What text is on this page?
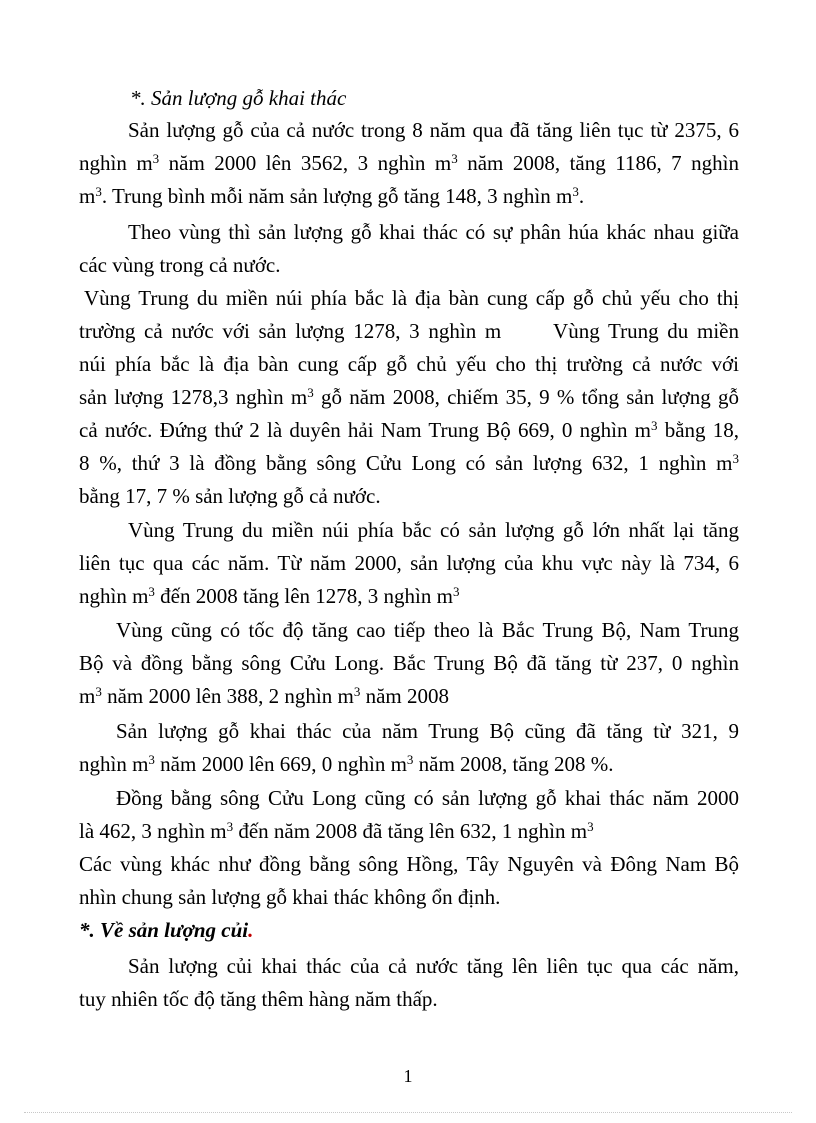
*. Sản lượng gỗ khai thác
Sản lượng gỗ của cả nước trong 8 năm qua đã tăng liên tục từ 2375, 6
nghìn $m^3$ năm 2000 lên 3562, 3 nghìn $m^3$ năm 2008, tăng 1186, 7 nghìn
$m^3$. Trung bình mỗi năm sản lượng gỗ tăng 148, 3 nghìn $m^3$.
Theo vùng thì sản lượng gỗ khai thác có sự phân húa khác nhau giữa
các vùng trong cả nước.
Vùng Trung du miền núi phía bắc là địa bàn cung cấp gỗ chủ yếu cho thị
trường cả nước với sản lượng 1278, 3 nghìn m      Vùng Trung du miền
núi phía bắc là địa bàn cung cấp gỗ chủ yếu cho thị trường cả nước với
sản lượng 1278,3 nghìn $m^3$ gỗ năm 2008, chiếm 35, 9 % tổng sản lượng gỗ
cả nước. Đứng thứ 2 là duyên hải Nam Trung Bộ 669, 0 nghìn $m^3$ bằng 18,
8 %, thứ 3 là đồng bằng sông Cửu Long có sản lượng 632, 1 nghìn $m^3$
bằng 17, 7 % sản lượng gỗ cả nước.
Vùng Trung du miền núi phía bắc có sản lượng gỗ lớn nhất lại tăng
liên tục qua các năm. Từ năm 2000, sản lượng của khu vực này là 734, 6
nghìn $m^3$ đến 2008 tăng lên 1278, 3 nghìn $m^3$
Vùng cũng có tốc độ tăng cao tiếp theo là Bắc Trung Bộ, Nam Trung
Bộ và đồng bằng sông Cửu Long. Bắc Trung Bộ đã tăng từ 237, 0 nghìn
$m^3$ năm 2000 lên 388, 2 nghìn $m^3$ năm 2008
Sản lượng gỗ khai thác của năm Trung Bộ cũng đã tăng từ 321, 9
nghìn $m^3$ năm 2000 lên 669, 0 nghìn $m^3$ năm 2008, tăng 208 %.
Đồng bằng sông Cửu Long cũng có sản lượng gỗ khai thác năm 2000
là 462, 3 nghìn $m^3$ đến năm 2008 đã tăng lên 632, 1 nghìn $m^3$
Các vùng khác như đồng bằng sông Hồng, Tây Nguyên và Đông Nam Bộ
nhìn chung sản lượng gỗ khai thác không ổn định.
*. Về sản lượng củi.
Sản lượng củi khai thác của cả nước tăng lên liên tục qua các năm,
tuy nhiên tốc độ tăng thêm hàng năm thấp.
1
